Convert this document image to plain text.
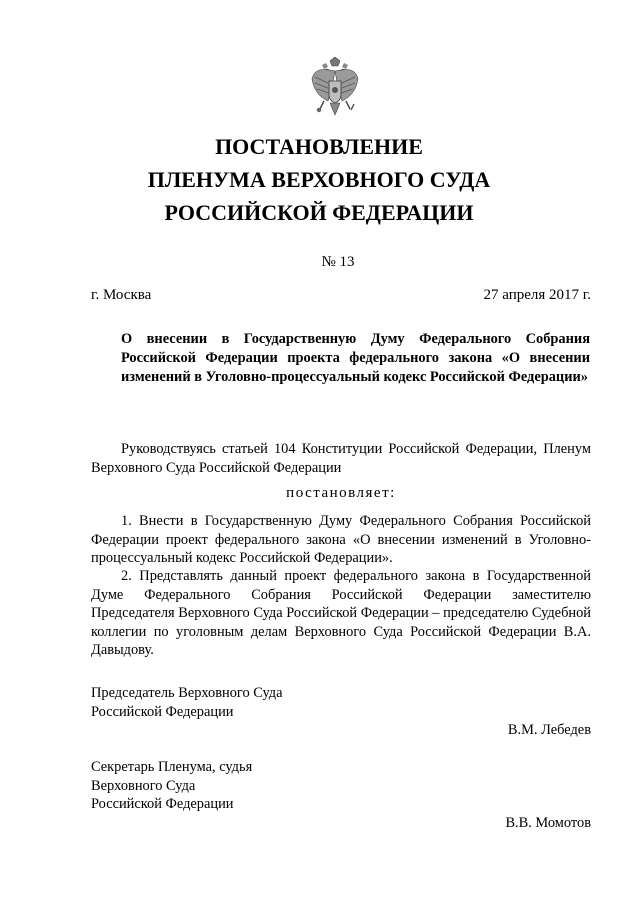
ПОСТАНОВЛЕНИЕ
ПЛЕНУМА ВЕРХОВНОГО СУДА
РОССИЙСКОЙ ФЕДЕРАЦИИ
№ 13
г. Москва	27 апреля 2017 г.
О внесении в Государственную Думу Федерального Собрания Российской Федерации проекта федерального закона «О внесении изменений в Уголовно-процессуальный кодекс Российской Федерации»
Руководствуясь статьей 104 Конституции Российской Федерации, Пленум Верховного Суда Российской Федерации
постановляет:
1. Внести в Государственную Думу Федерального Собрания Российской Федерации проект федерального закона «О внесении изменений в Уголовно-процессуальный кодекс Российской Федерации».
2. Представлять данный проект федерального закона в Государственной Думе Федерального Собрания Российской Федерации заместителю Председателя Верховного Суда Российской Федерации – председателю Судебной коллегии по уголовным делам Верховного Суда Российской Федерации В.А. Давыдову.
Председатель Верховного Суда
Российской Федерации
В.М. Лебедев
Секретарь Пленума, судья
Верховного Суда
Российской Федерации
В.В. Момотов
